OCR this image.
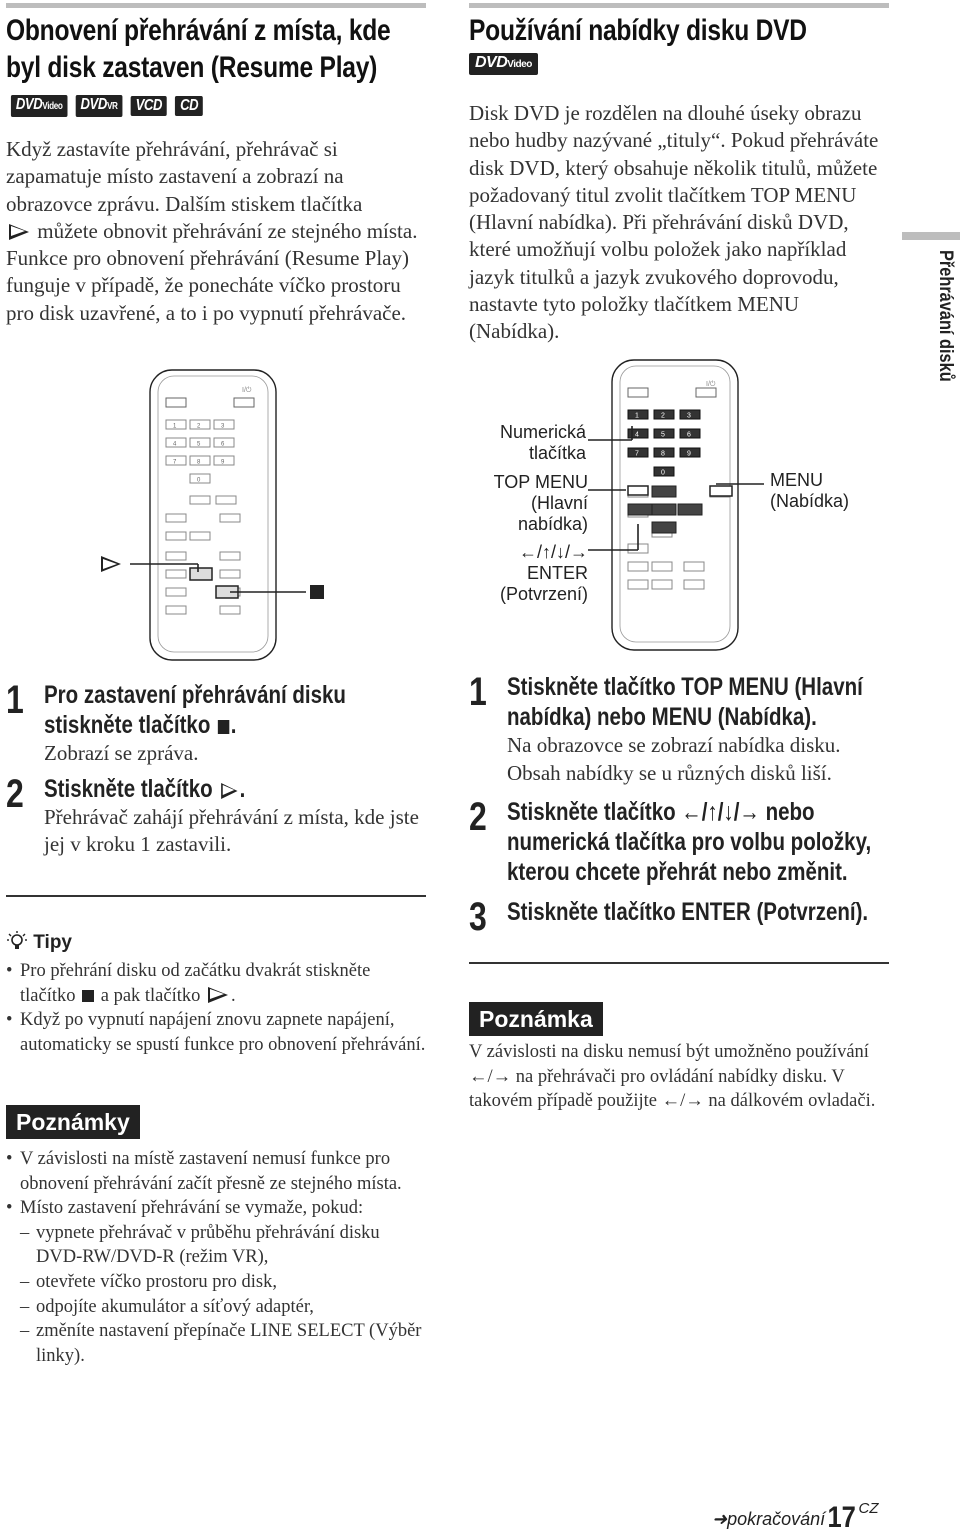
Obnovení přehrávání z místa, kde byl disk zastaven (Resume Play) DVDVideo DVDVR VCD CD
Když zastavíte přehrávání, přehrávač si zapamatuje místo zastavení a zobrazí na obrazovce zprávu. Dalším stiskem tlačítka
můžete obnovit přehrávání ze stejného místa. Funkce pro obnovení přehrávání (Resume Play) funguje v případě, že ponecháte víčko prostoru pro disk uzavřené, a to i po vypnutí přehrávače.
I/⏻
1	2	3
4	5	6
7	8	9
0
1 Pro zastavení přehrávání disku stiskněte tlačítko .
Zobrazí se zpráva.
2 Stiskněte tlačítko .
Přehrávač zahájí přehrávání z místa, kde jste jej v kroku 1 zastavili.
Tipy
• Pro přehrání disku od začátku dvakrát stiskněte tlačítko a pak tlačítko .
• Když po vypnutí napájení znovu zapnete napájení, automaticky se spustí funkce pro obnovení přehrávání.
Poznámky
• V závislosti na místě zastavení nemusí funkce pro obnovení přehrávání začít přesně ze stejného místa.
• Místo zastavení přehrávání se vymaže, pokud:
– vypnete přehrávač v průběhu přehrávání disku DVD-RW/DVD-R (režim VR),
– otevřete víčko prostoru pro disk,
– odpojíte akumulátor a síťový adaptér,
– změníte nastavení přepínače LINE SELECT (Výběr linky).
Používání nabídky disku DVD
DVDVideo
Disk DVD je rozdělen na dlouhé úseky obrazu nebo hudby nazývané „tituly“. Pokud přehráváte disk DVD, který obsahuje několik titulů, můžete požadovaný titul zvolit tlačítkem TOP MENU (Hlavní nabídka). Při přehrávání disků DVD, které umožňují volbu položek jako například jazyk titulků a jazyk zvukového doprovodu, nastavte tyto položky tlačítkem MENU (Nabídka).
I/⏻
1	2	3
4	5	6
7	8	9
0
Numerická
tlačítka
TOP MENU
(Hlavní
nabídka)
←/↑/↓/→
ENTER
(Potvrzení)
MENU
(Nabídka)
1 Stiskněte tlačítko TOP MENU (Hlavní nabídka) nebo MENU (Nabídka).
Na obrazovce se zobrazí nabídka disku. Obsah nabídky se u různých disků liší.
2 Stiskněte tlačítko ←/↑/↓/→ nebo numerická tlačítka pro volbu položky, kterou chcete přehrát nebo změnit.
3 Stiskněte tlačítko ENTER (Potvrzení).
Poznámka
V závislosti na disku nemusí být umožněno používání ←/→ na přehrávači pro ovládání nabídky disku. V takovém případě použijte ←/→ na dálkovém ovladači.
Přehrávání disků
➜pokračování17 CZ
